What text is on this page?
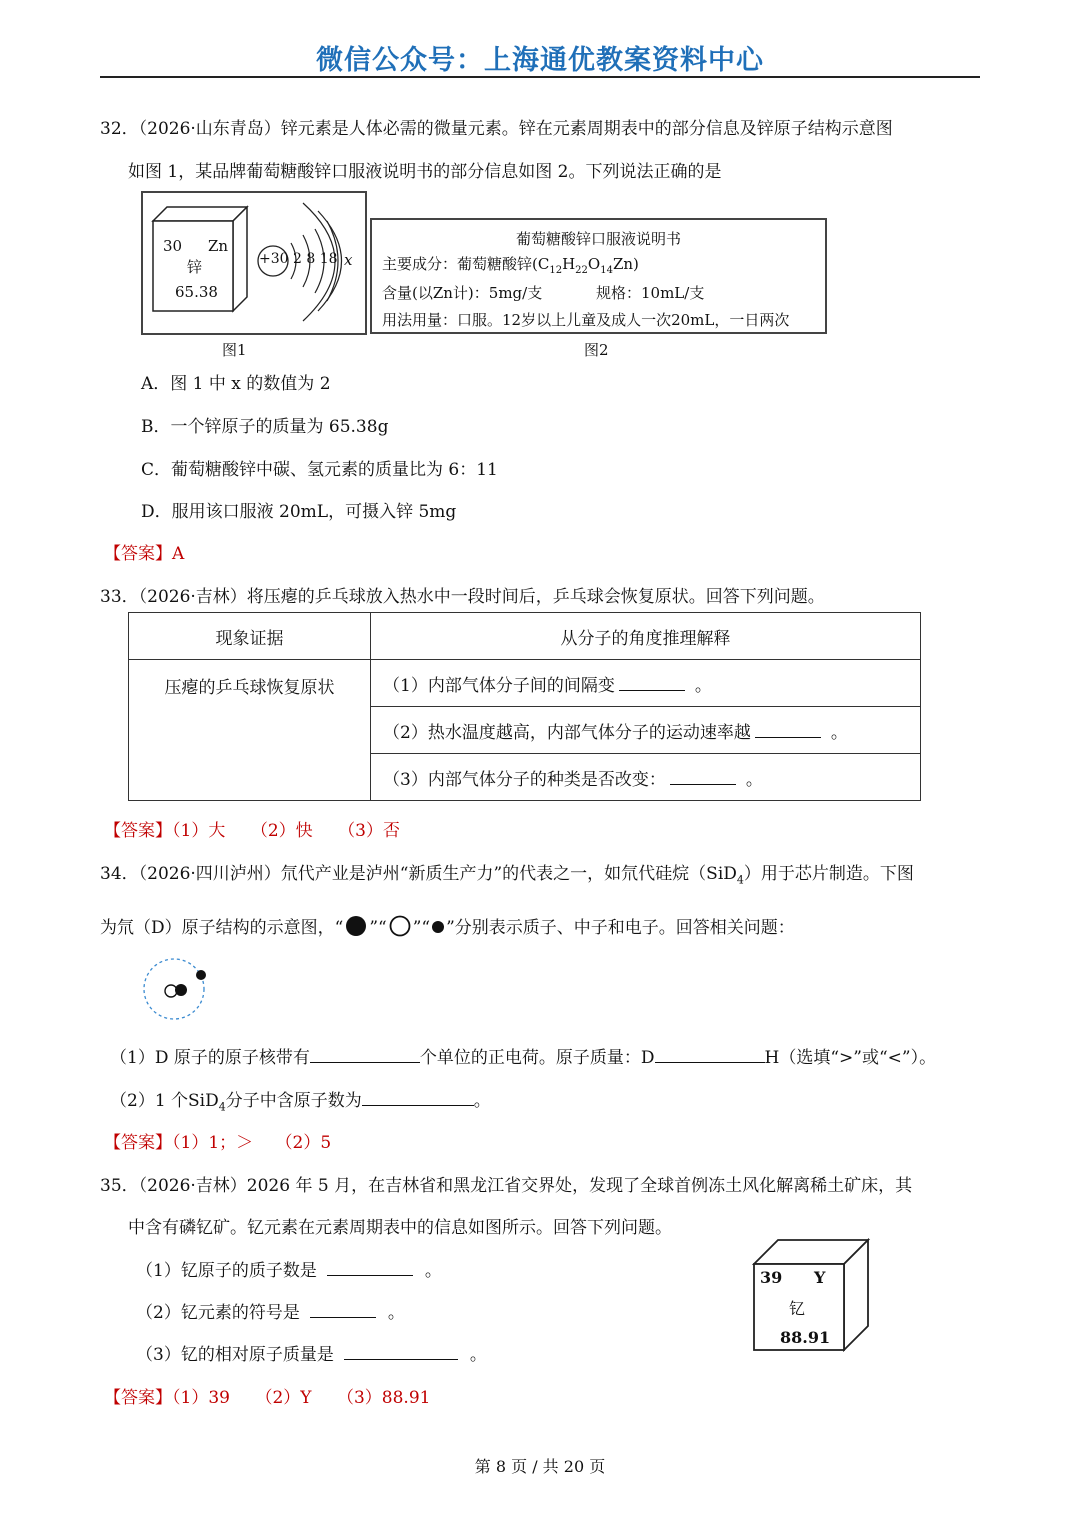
微信公众号：上海通优教案资料中心
32．（2026·山东青岛）锌元素是人体必需的微量元素。锌在元素周期表中的部分信息及锌原子结构示意图
如图 1，某品牌葡萄糖酸锌口服液说明书的部分信息如图 2。下列说法正确的是
30 Zn
锌
65.38
+30 2 8 18 x
图1
葡萄糖酸锌口服液说明书
主要成分：葡萄糖酸锌$(C_{12}H_{22}O_{14}Zn)$
含量(以Zn计)：5mg/支	规格：10mL/支
用法用量：口服。12岁以上儿童及成人一次20mL，一日两次
图2
A．图 1 中 x 的数值为 2
B．一个锌原子的质量为 65.38g
C．葡萄糖酸锌中碳、氢元素的质量比为 6：11
D．服用该口服液 20mL，可摄入锌 5mg
【答案】A
33．（2026·吉林）将压瘪的乒乓球放入热水中一段时间后，乒乓球会恢复原状。回答下列问题。
现象证据	从分子的角度推理解释
压瘪的乒乓球恢复原状	（1）内部气体分子间的间隔变 。
	（2）热水温度越高，内部气体分子的运动速率越 。
	（3）内部气体分子的种类是否改变： 。
【答案】（1）大　　（2）快　　（3）否
34．（2026·四川泸州）氘代产业是泸州“新质生产力”的代表之一，如氘代硅烷（SiD$_4$）用于芯片制造。下图
为氘（D）原子结构的示意图，“ ”“ ”“ ”分别表示质子、中子和电子。回答相关问题：
（1）D 原子的原子核带有	个单位的正电荷。原子质量：D	H（选填“>”或“<”）。
（2）1 个SiD$_4$分子中含原子数为	。
【答案】（1）1；＞　 （2）5
35．（2026·吉林）2026 年 5 月，在吉林省和黑龙江省交界处，发现了全球首例冻土风化解离稀土矿床，其
中含有磷钇矿。钇元素在元素周期表中的信息如图所示。回答下列问题。
（1）钇原子的质子数是	。
（2）钇元素的符号是	。
（3）钇的相对原子质量是	。
39 Y
钇
88.91
【答案】（1）39　　（2）Y　　（3）88.91
第 8 页 / 共 20 页
